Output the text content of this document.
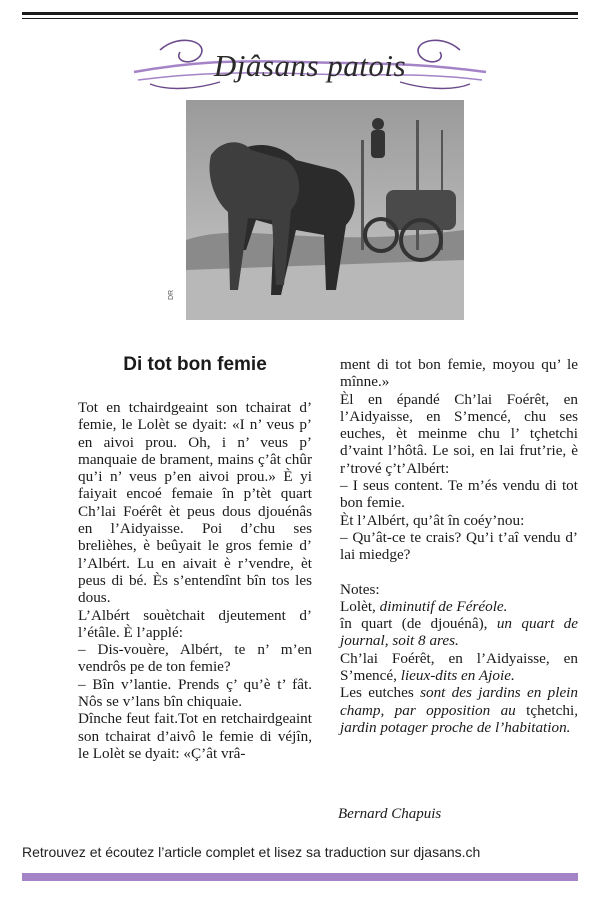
Djâsans patois
DR
Di tot bon femie

Tot en tchairdgeaint son tchairat d’ femie, le Lolèt se dyait: «I n’ veus p’ en aivoi prou. Oh, i n’ veus p’ manquaie de brament, mains ç’ât chûr qu’i n’ veus p’en aivoi prou.» È yi faiyait encoé femaie în p’tèt quart Ch’lai Foérêt èt peus dous djouénâs en l’Aidyaisse. Poi d’chu ses brelièhes, è beûyait le gros femie d’ l’Albért. Lu en aivait è r’vendre, èt peus di bé. Ès s’entendînt bîn tos les dous.

L’Albért souètchait djeutement d’ l’étâle. È l’applé:

– Dis-vouère, Albért, te n’ m’en vendrôs pe de ton femie?

– Bîn v’lantie. Prends ç’ qu’è t’ fât. Nôs se v’lans bîn chiquaie.

Dînche feut fait.Tot en retchairdgeaint son tchairat d’aivô le femie di véjîn, le Lolèt se dyait: «Ç’ât vrâ-

ment di tot bon femie, moyou qu’ le mînne.»

Èl en épandé Ch’lai Foérêt, en l’Aidyaisse, en S’mencé, chu ses euches, èt meinme chu l’ tçhetchi d’vaint l’hôtâ. Le soi, en lai frut’rie, è r’trové ç’t’Albért:

– I seus content. Te m’és vendu di tot bon femie.

Èt l’Albért, qu’ât în coéy’nou:

– Qu’ât-ce te crais? Qu’i t’aî vendu d’ lai miedge?

Notes:

Lolèt, diminutif de Féréole.

în quart (de djouénâ), un quart de journal, soit 8 ares.

Ch’lai Foérêt, en l’Aidyaisse, en S’mencé, lieux-dits en Ajoie.

Les eutches sont des jardins en plein champ, par opposition au tçhetchi, jardin potager proche de l’habitation.

Bernard Chapuis
Retrouvez et écoutez l’article complet et lisez sa traduction sur djasans.ch
